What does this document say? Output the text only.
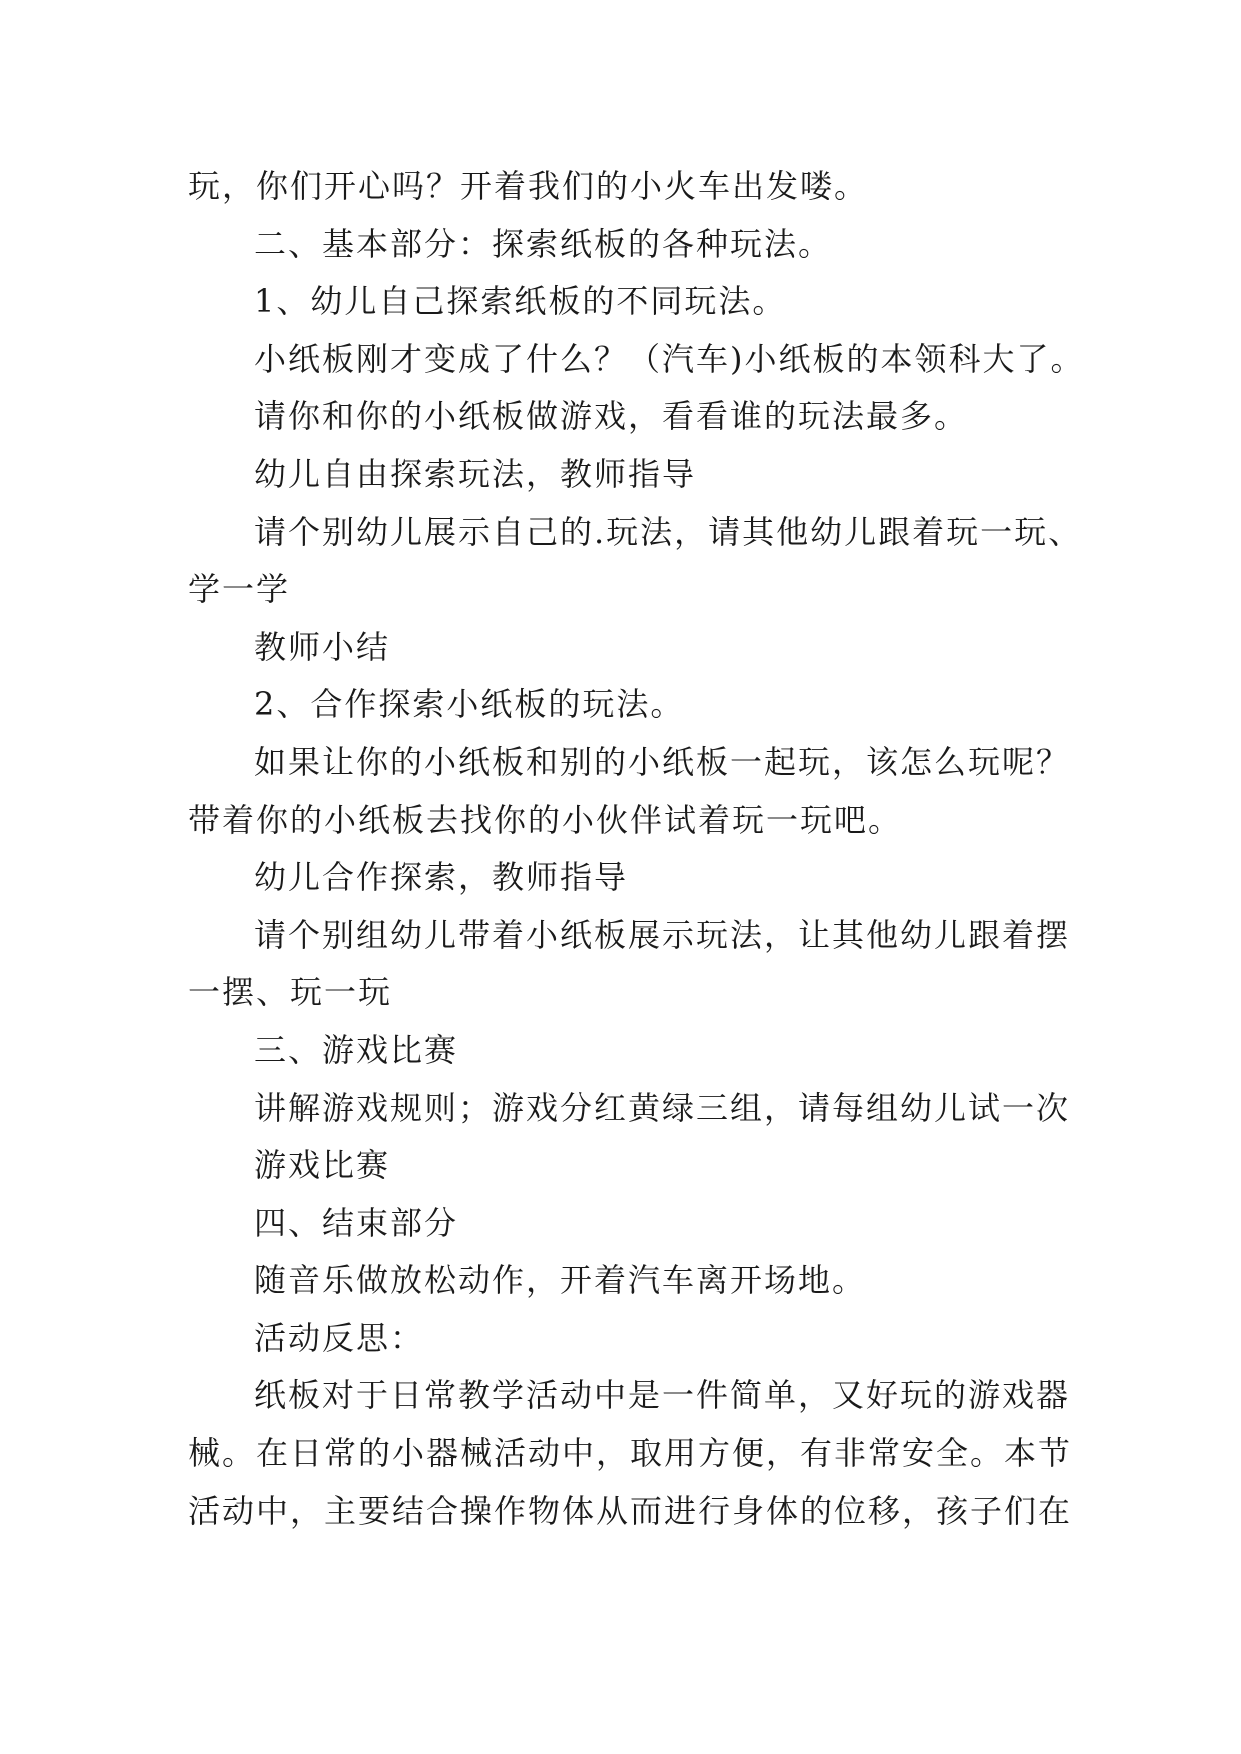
玩，你们开心吗？开着我们的小火车出发喽。

二、基本部分：探索纸板的各种玩法。

1、幼儿自己探索纸板的不同玩法。

小纸板刚才变成了什么？（汽车)小纸板的本领科大了。

请你和你的小纸板做游戏，看看谁的玩法最多。

幼儿自由探索玩法，教师指导

请个别幼儿展示自己的.玩法，请其他幼儿跟着玩一玩、

学一学

教师小结

2、合作探索小纸板的玩法。

如果让你的小纸板和别的小纸板一起玩，该怎么玩呢？

带着你的小纸板去找你的小伙伴试着玩一玩吧。

幼儿合作探索，教师指导

请个别组幼儿带着小纸板展示玩法，让其他幼儿跟着摆

一摆、玩一玩

三、游戏比赛

讲解游戏规则；游戏分红黄绿三组，请每组幼儿试一次

游戏比赛

四、结束部分

随音乐做放松动作，开着汽车离开场地。

活动反思：

纸板对于日常教学活动中是一件简单，又好玩的游戏器

械。在日常的小器械活动中，取用方便，有非常安全。本节

活动中，主要结合操作物体从而进行身体的位移，孩子们在
